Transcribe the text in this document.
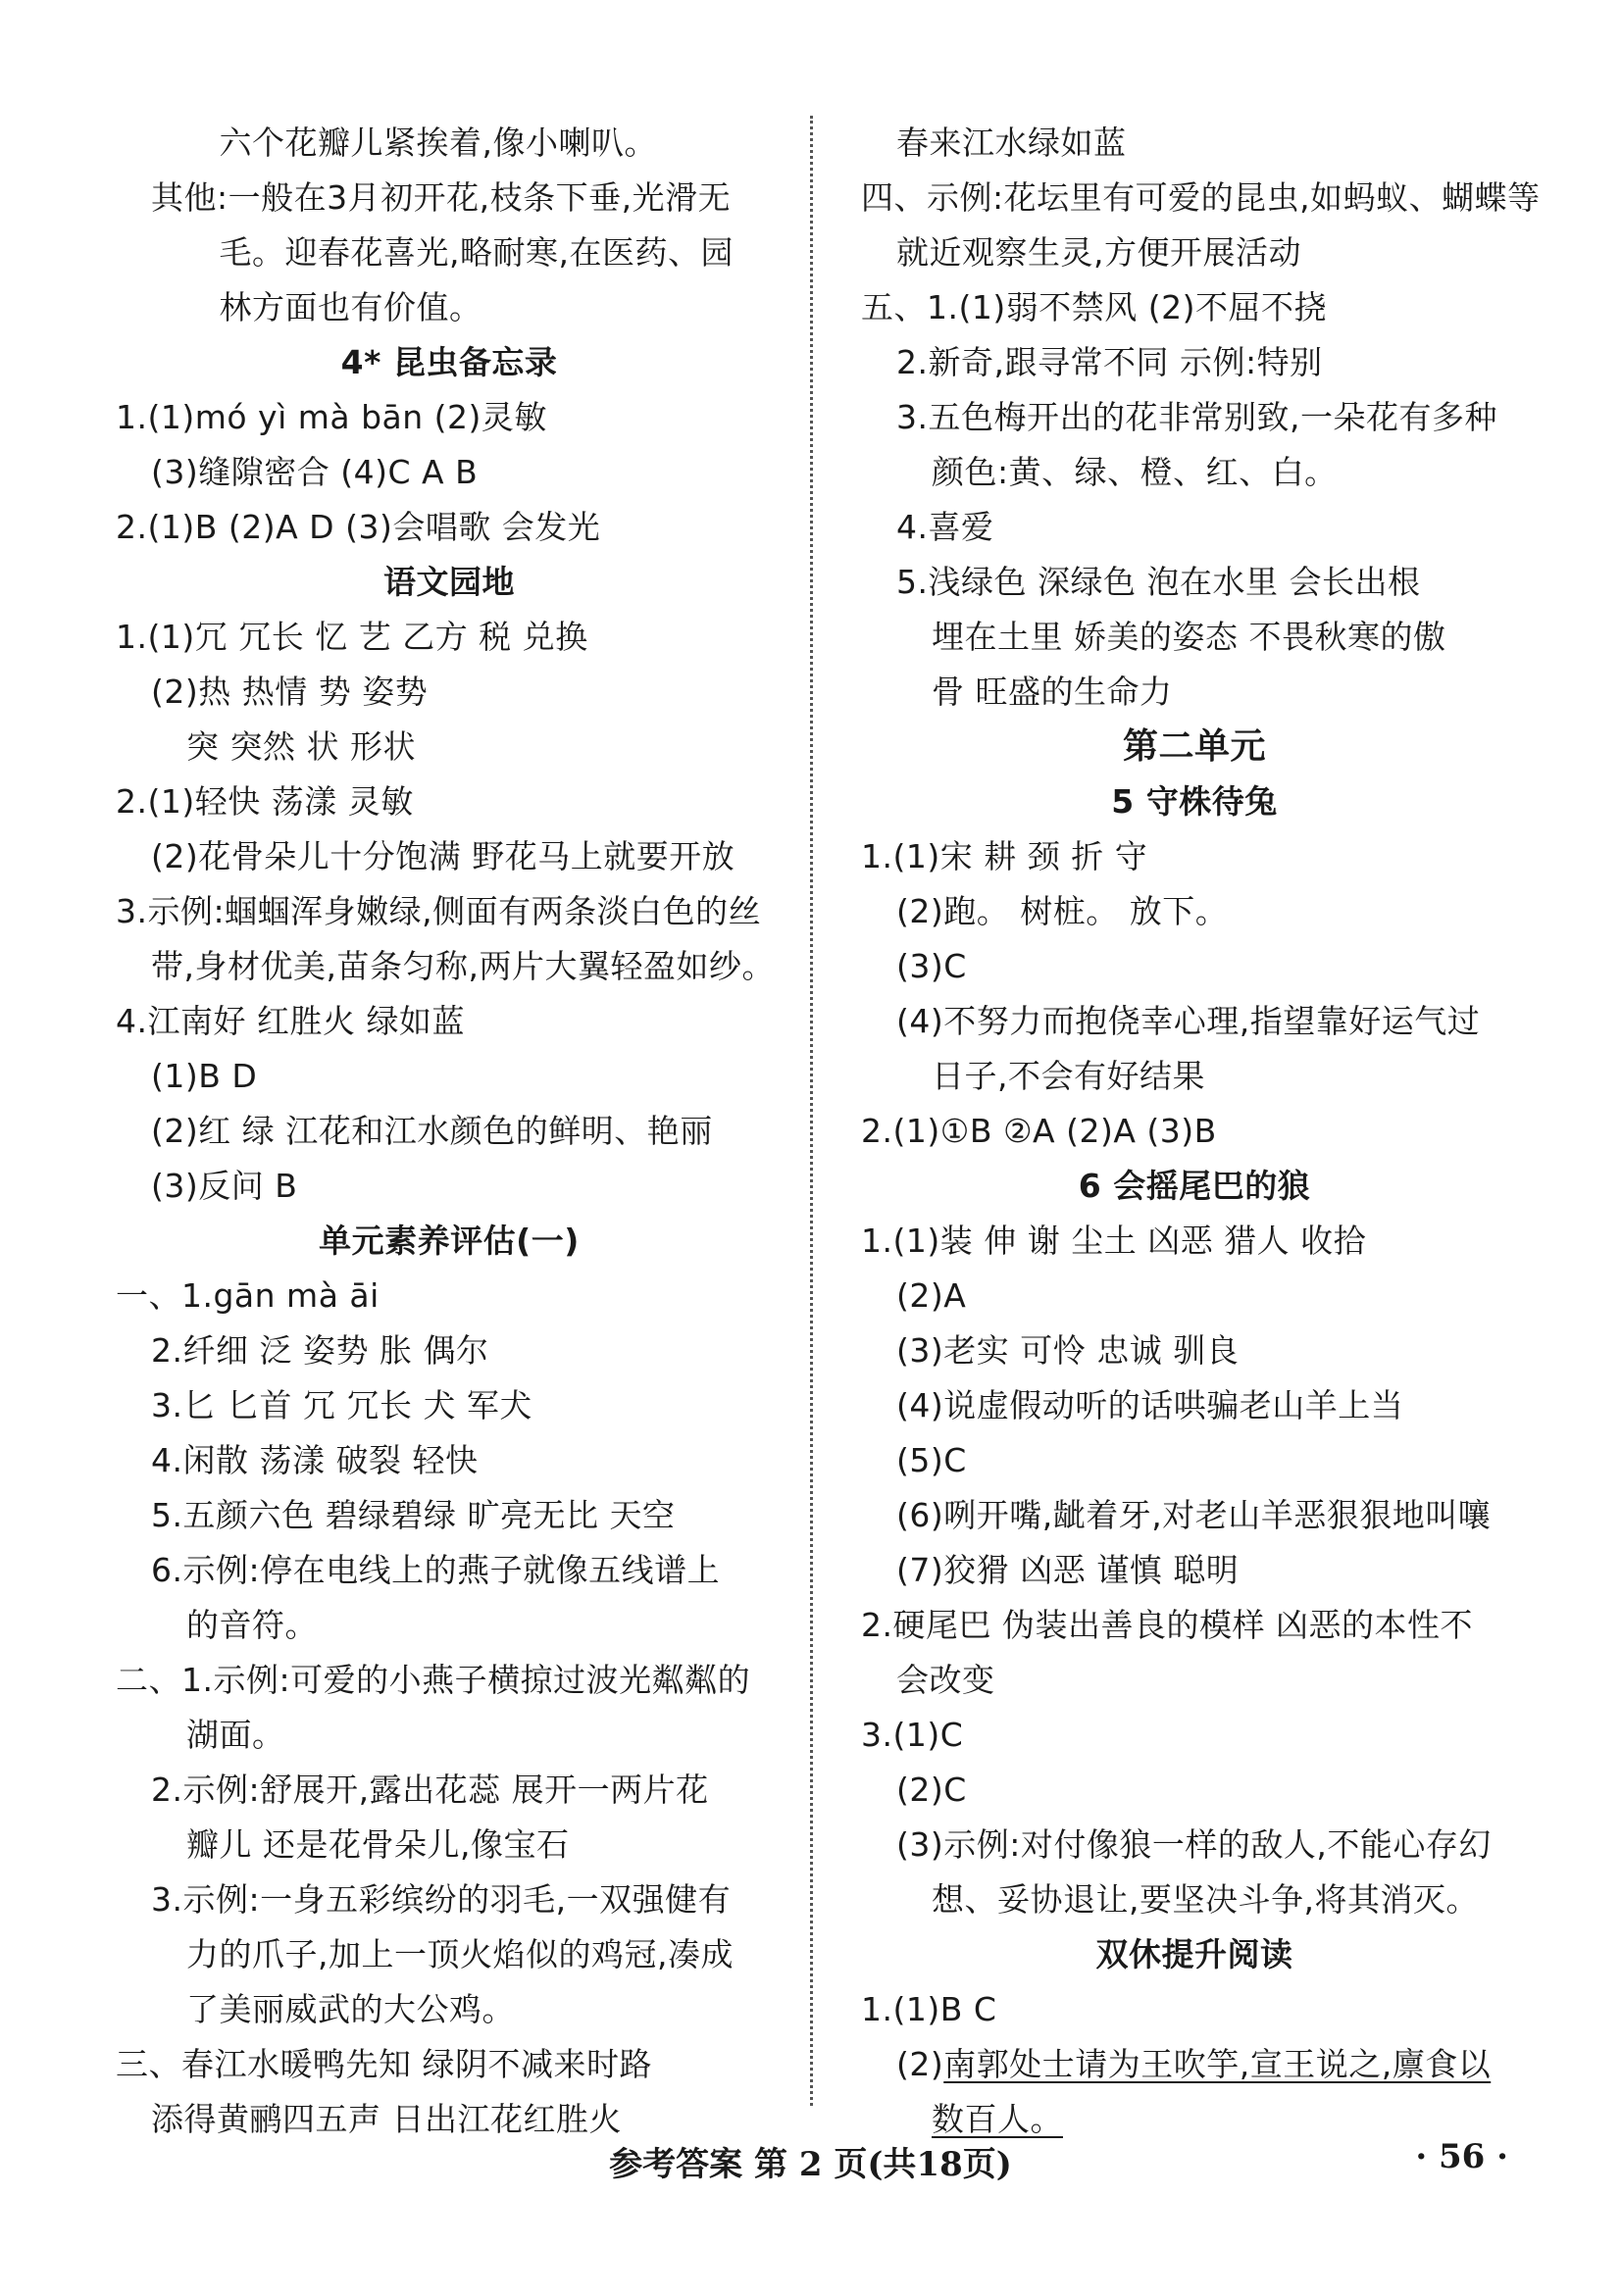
　六个花瓣儿紧挨着,像小喇叭。
其他:一般在3月初开花,枝条下垂,光滑无
　毛。迎春花喜光,略耐寒,在医药、园
　林方面也有价值。
4* 昆虫备忘录
1.(1)mó yì mà bān (2)灵敏
(3)缝隙密合 (4)C A B
2.(1)B (2)A D (3)会唱歌 会发光
语文园地
1.(1)冗 冗长 忆 艺 乙方 税 兑换
(2)热 热情 势 姿势
突 突然 状 形状
2.(1)轻快 荡漾 灵敏
(2)花骨朵儿十分饱满 野花马上就要开放
3.示例:蝈蝈浑身嫩绿,侧面有两条淡白色的丝
带,身材优美,苗条匀称,两片大翼轻盈如纱。
4.江南好 红胜火 绿如蓝
(1)B D
(2)红 绿 江花和江水颜色的鲜明、艳丽
(3)反问 B
单元素养评估(一)
一、1.gān mà āi
2.纤细 泛 姿势 胀 偶尔
3.匕 匕首 冗 冗长 犬 军犬
4.闲散 荡漾 破裂 轻快
5.五颜六色 碧绿碧绿 旷亮无比 天空
6.示例:停在电线上的燕子就像五线谱上
的音符。
二、1.示例:可爱的小燕子横掠过波光粼粼的
湖面。
2.示例:舒展开,露出花蕊 展开一两片花
瓣儿 还是花骨朵儿,像宝石
3.示例:一身五彩缤纷的羽毛,一双强健有
力的爪子,加上一顶火焰似的鸡冠,凑成
了美丽威武的大公鸡。
三、春江水暖鸭先知 绿阴不减来时路
添得黄鹂四五声 日出江花红胜火
春来江水绿如蓝
四、示例:花坛里有可爱的昆虫,如蚂蚁、蝴蝶等
就近观察生灵,方便开展活动
五、1.(1)弱不禁风 (2)不屈不挠
2.新奇,跟寻常不同 示例:特别
3.五色梅开出的花非常别致,一朵花有多种
颜色:黄、绿、橙、红、白。
4.喜爱
5.浅绿色 深绿色 泡在水里 会长出根
埋在土里 娇美的姿态 不畏秋寒的傲
骨 旺盛的生命力
第二单元
5 守株待兔
1.(1)宋 耕 颈 折 守
(2)跑。 树桩。 放下。
(3)C
(4)不努力而抱侥幸心理,指望靠好运气过
日子,不会有好结果
2.(1)①B ②A (2)A (3)B
6 会摇尾巴的狼
1.(1)装 伸 谢 尘土 凶恶 猎人 收拾
(2)A
(3)老实 可怜 忠诚 驯良
(4)说虚假动听的话哄骗老山羊上当
(5)C
(6)咧开嘴,龇着牙,对老山羊恶狠狠地叫嚷
(7)狡猾 凶恶 谨慎 聪明
2.硬尾巴 伪装出善良的模样 凶恶的本性不
会改变
3.(1)C
(2)C
(3)示例:对付像狼一样的敌人,不能心存幻
想、妥协退让,要坚决斗争,将其消灭。
双休提升阅读
1.(1)B C
(2)南郭处士请为王吹竽,宣王说之,廪食以
数百人。
参考答案 第 2 页(共18页)	· 56 ·
